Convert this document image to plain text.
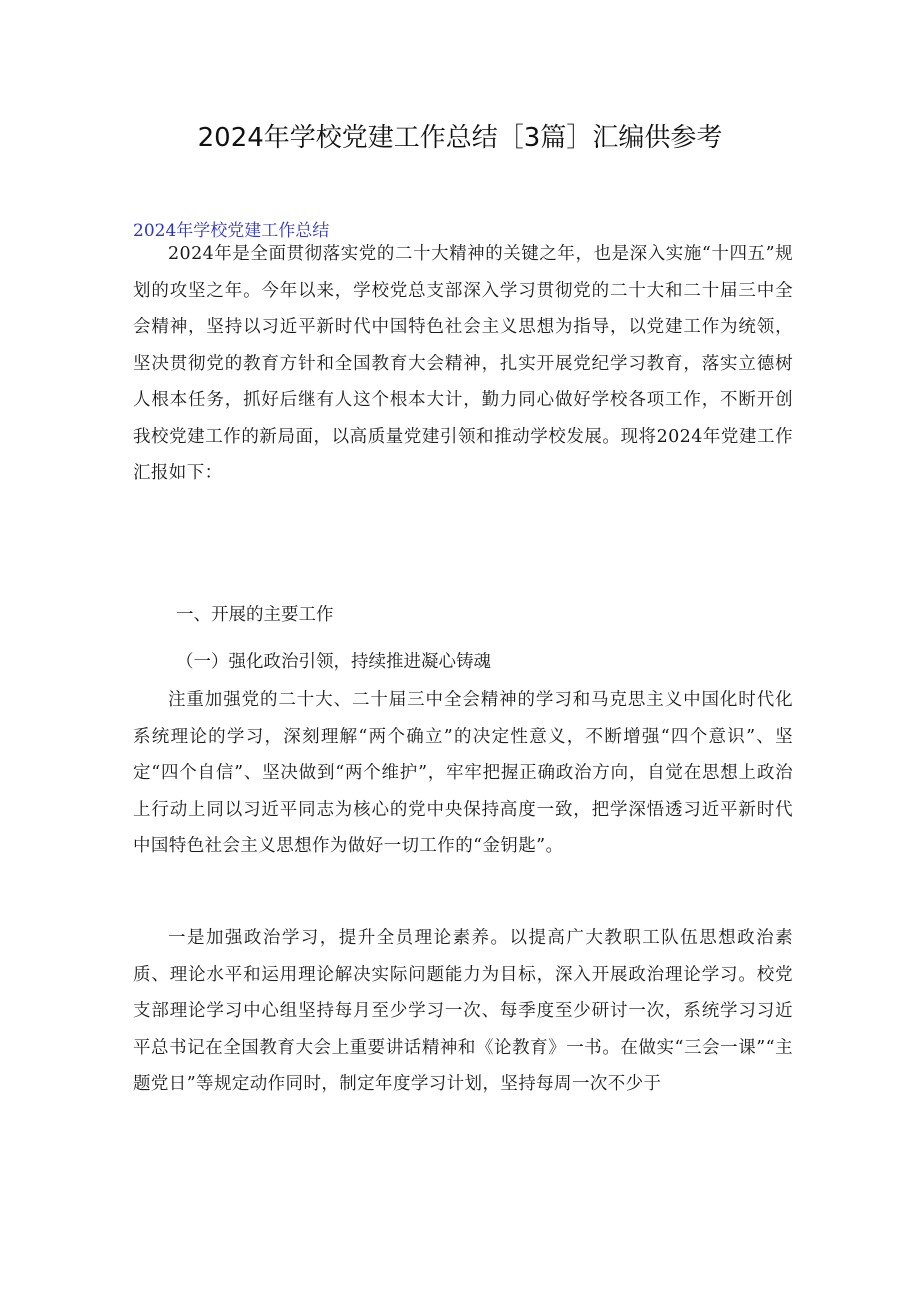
2024年学校党建工作总结［3篇］汇编供参考
2024年学校党建工作总结

2024年是全面贯彻落实党的二十大精神的关键之年，也是深入实施“十四五”规划的攻坚之年。今年以来，学校党总支部深入学习贯彻党的二十大和二十届三中全会精神，坚持以习近平新时代中国特色社会主义思想为指导，以党建工作为统领，坚决贯彻党的教育方针和全国教育大会精神，扎实开展党纪学习教育，落实立德树人根本任务，抓好后继有人这个根本大计，勤力同心做好学校各项工作，不断开创我校党建工作的新局面，以高质量党建引领和推动学校发展。现将2024年党建工作汇报如下：

一、开展的主要工作

（一）强化政治引领，持续推进凝心铸魂

注重加强党的二十大、二十届三中全会精神的学习和马克思主义中国化时代化系统理论的学习，深刻理解“两个确立”的决定性意义，不断增强“四个意识”、坚定“四个自信”、坚决做到“两个维护”，牢牢把握正确政治方向，自觉在思想上政治上行动上同以习近平同志为核心的党中央保持高度一致，把学深悟透习近平新时代中国特色社会主义思想作为做好一切工作的“金钥匙”。

一是加强政治学习，提升全员理论素养。以提高广大教职工队伍思想政治素质、理论水平和运用理论解决实际问题能力为目标，深入开展政治理论学习。校党支部理论学习中心组坚持每月至少学习一次、每季度至少研讨一次，系统学习习近平总书记在全国教育大会上重要讲话精神和《论教育》一书。在做实“三会一课”“主题党日”等规定动作同时，制定年度学习计划，坚持每周一次不少于
